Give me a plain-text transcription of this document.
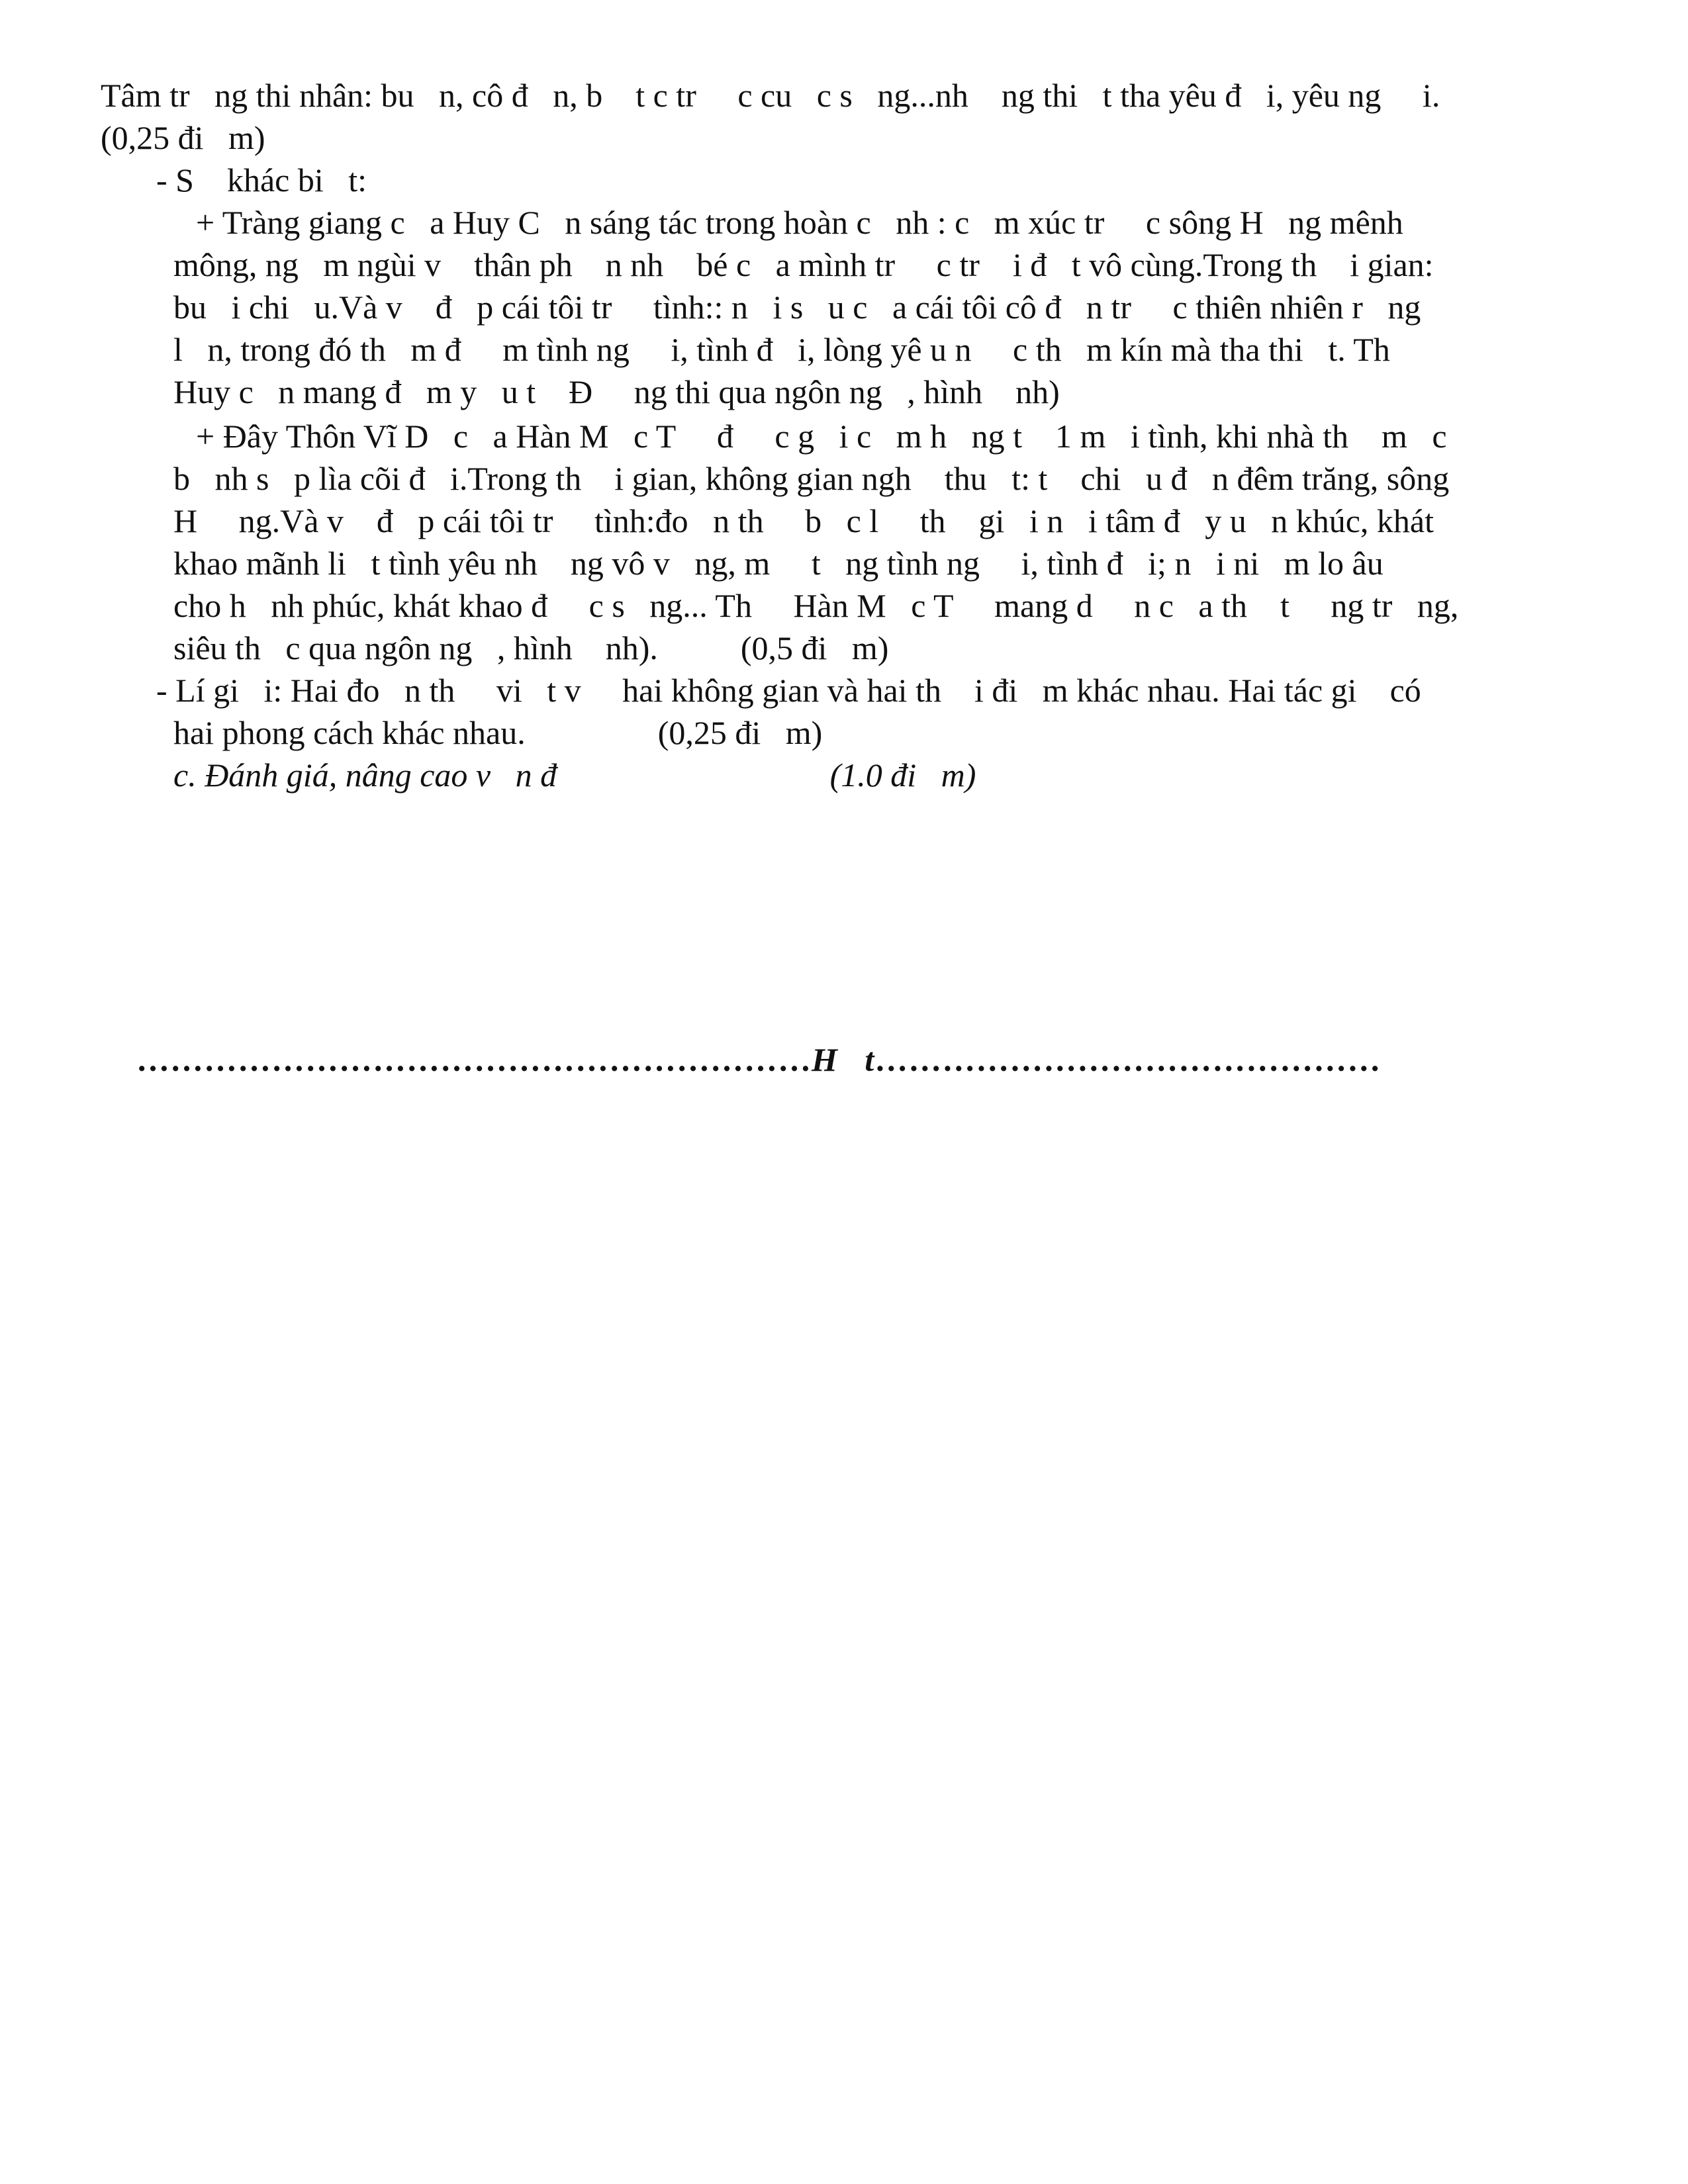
Tâm tr   ng thi nhân: bu   n, cô đ   n, b    t c tr     c cu   c s   ng...nh    ng thi   t tha yêu đ   i, yêu ng     i.
(0,25 đi   m)
- S    khác bi   t:
+ Tràng giang c   a Huy C   n sáng tác trong hoàn c   nh : c   m xúc tr     c sông H   ng mênh
mông, ng   m ngùi v    thân ph    n nh    bé c   a mình tr     c tr    i đ   t vô cùng.Trong th    i gian:
bu   i chi   u.Và v    đ   p cái tôi tr     tình:: n   i s   u c   a cái tôi cô đ   n tr     c thiên nhiên r   ng
l   n, trong đó th   m đ     m tình ng     i, tình đ   i, lòng yê u n     c th   m kín mà tha thi   t. Th
Huy c   n mang đ   m y   u t    Đ     ng thi qua ngôn ng   , hình    nh)
+ Đây Thôn Vĩ D   c   a Hàn M   c T     đ     c g   i c   m h   ng t    1 m   i tình, khi nhà th    m   c
b   nh s   p lìa cõi đ   i.Trong th    i gian, không gian ngh    thu   t: t    chi   u đ   n đêm trăng, sông
H     ng.Và v    đ   p cái tôi tr     tình:đo   n th     b   c l     th    gi   i n   i tâm đ   y u   n khúc, khát
khao mãnh li   t tình yêu nh    ng vô v   ng, m     t   ng tình ng     i, tình đ   i; n   i ni   m lo âu
cho h   nh phúc, khát khao đ     c s   ng... Th     Hàn M   c T     mang d     n c   a th    t     ng tr   ng,
siêu th   c qua ngôn ng   , hình    nh).          (0,5 đi   m)
- Lí gi   i: Hai đo   n th     vi   t v     hai không gian và hai th    i đi   m khác nhau. Hai tác gi    có
hai phong cách khác nhau.                (0,25 đi   m)
c. Đánh giá, nâng cao v   n đ                                 (1.0 đi   m)

……………………………………………………H   t………………………………………
